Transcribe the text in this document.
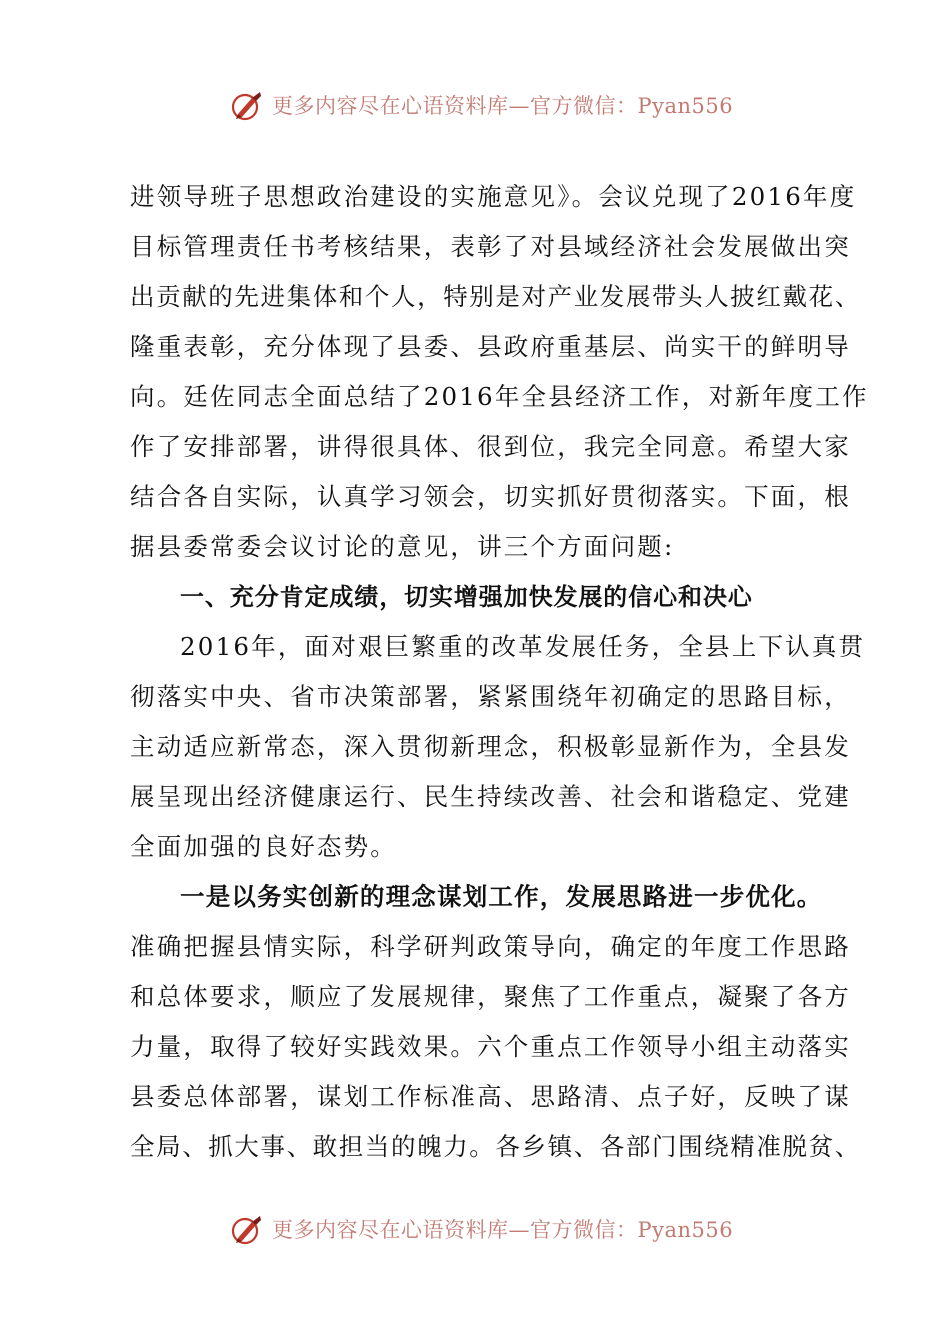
更多内容尽在心语资料库—官方微信：Pyan556
进领导班子思想政治建设的实施意见》。会议兑现了2016年度
目标管理责任书考核结果，表彰了对县域经济社会发展做出突
出贡献的先进集体和个人，特别是对产业发展带头人披红戴花、
隆重表彰，充分体现了县委、县政府重基层、尚实干的鲜明导
向。廷佐同志全面总结了2016年全县经济工作，对新年度工作
作了安排部署，讲得很具体、很到位，我完全同意。希望大家
结合各自实际，认真学习领会，切实抓好贯彻落实。下面，根
据县委常委会议讨论的意见，讲三个方面问题:
一、充分肯定成绩，切实增强加快发展的信心和决心
2016年，面对艰巨繁重的改革发展任务，全县上下认真贯
彻落实中央、省市决策部署，紧紧围绕年初确定的思路目标，
主动适应新常态，深入贯彻新理念，积极彰显新作为，全县发
展呈现出经济健康运行、民生持续改善、社会和谐稳定、党建
全面加强的良好态势。
一是以务实创新的理念谋划工作，发展思路进一步优化。
准确把握县情实际，科学研判政策导向，确定的年度工作思路
和总体要求，顺应了发展规律，聚焦了工作重点，凝聚了各方
力量，取得了较好实践效果。六个重点工作领导小组主动落实
县委总体部署，谋划工作标准高、思路清、点子好，反映了谋
全局、抓大事、敢担当的魄力。各乡镇、各部门围绕精准脱贫、
更多内容尽在心语资料库—官方微信：Pyan556
